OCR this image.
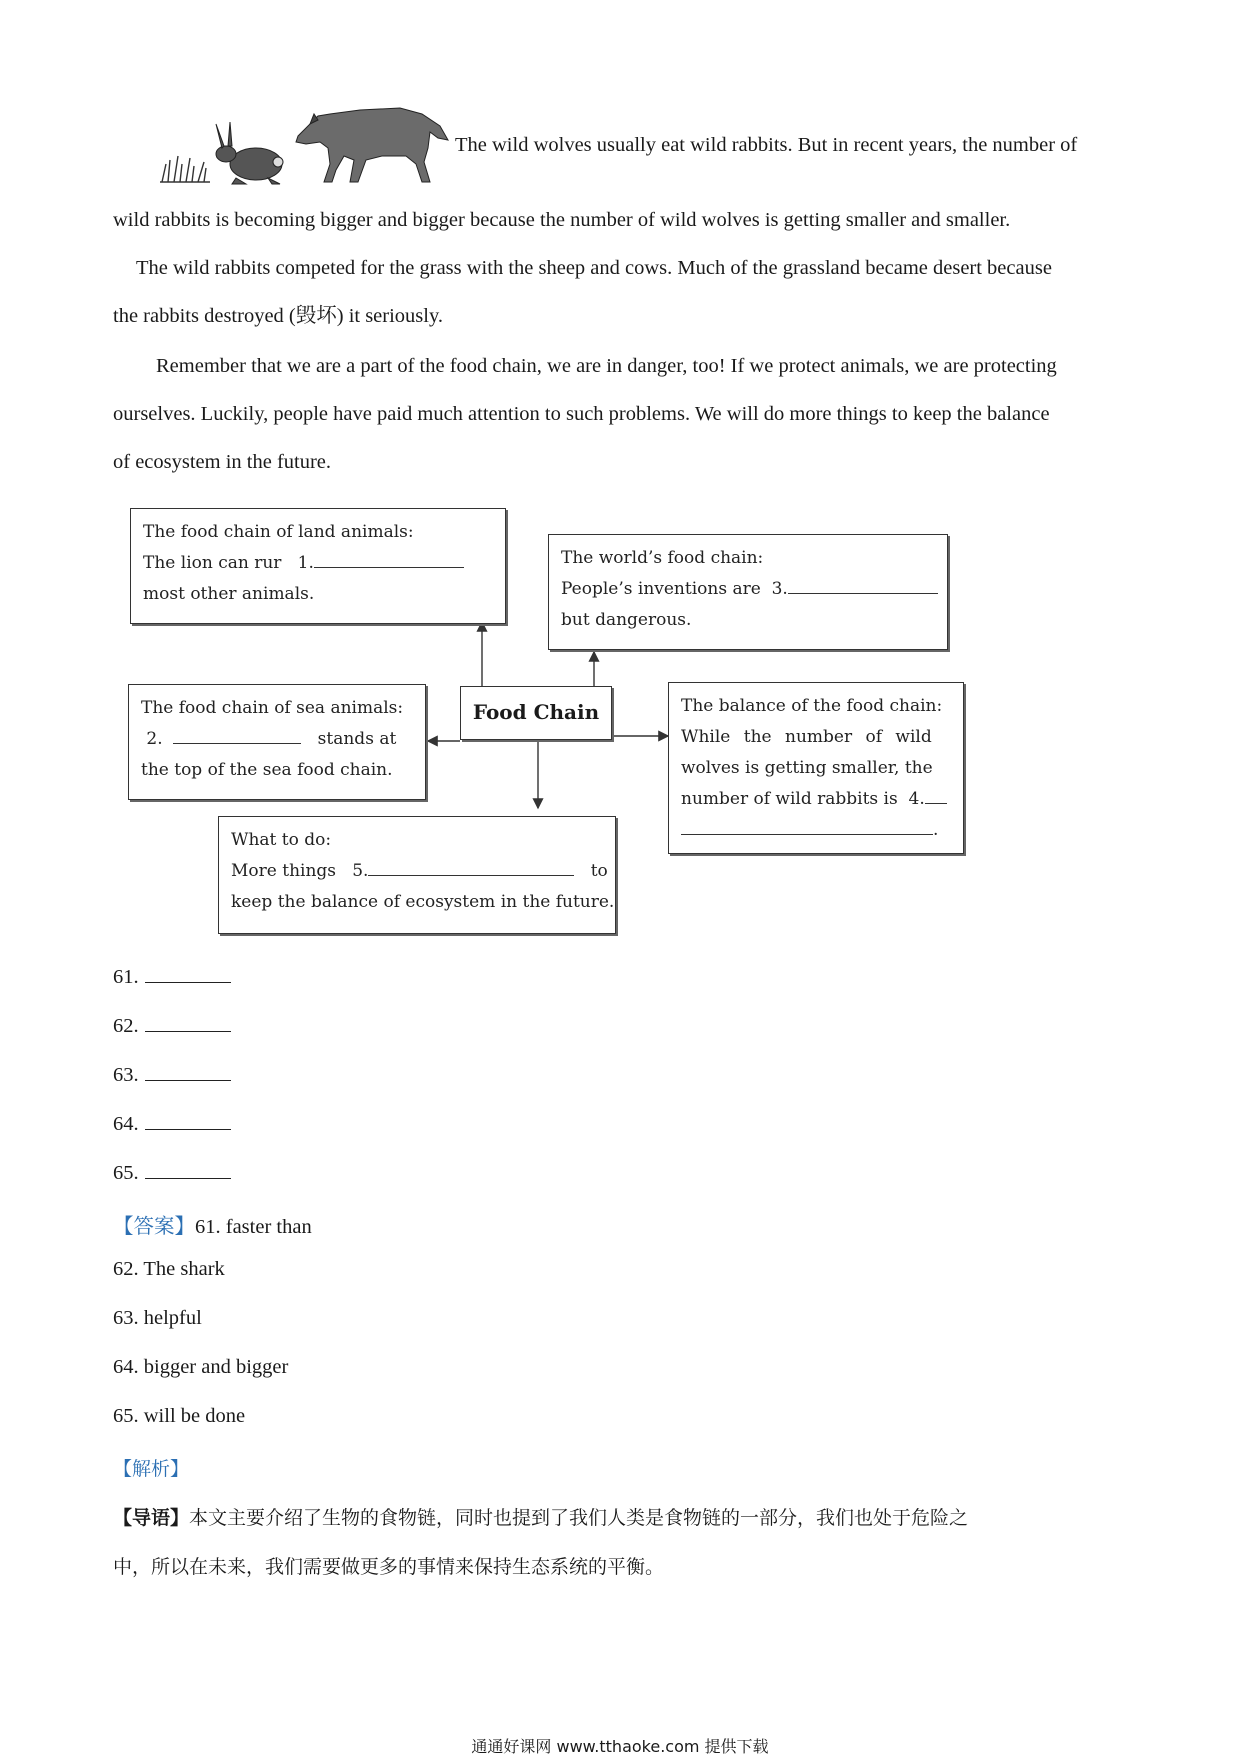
The wild wolves usually eat wild rabbits. But in recent years, the number of
wild rabbits is becoming bigger and bigger because the number of wild wolves is getting smaller and smaller.
The wild rabbits competed for the grass with the sheep and cows. Much of the grassland became desert because
the rabbits destroyed (毁坏) it seriously.
Remember that we are a part of the food chain, we are in danger, too! If we protect animals, we are protecting
ourselves. Luckily, people have paid much attention to such problems. We will do more things to keep the balance
of ecosystem in the future.
Food Chain
The food chain of land animals:
The lion can rur 1.
most other animals.
The world’s food chain:
People’s inventions are 3.
but dangerous.
The food chain of sea animals:
2.	stands at
the top of the sea food chain.
The balance of the food chain:
While the number of wild
wolves is getting smaller, the
number of wild rabbits is 4.
.
What to do:
More things 5.	to
keep the balance of ecosystem in the future.
61.
62.
63.
64.
65.
【答案】61. faster than
62. The shark
63. helpful
64. bigger and bigger
65. will be done
【解析】
【导语】本文主要介绍了生物的食物链，同时也提到了我们人类是食物链的一部分，我们也处于危险之
中，所以在未来，我们需要做更多的事情来保持生态系统的平衡。
通通好课网 www.tthaoke.com 提供下载
